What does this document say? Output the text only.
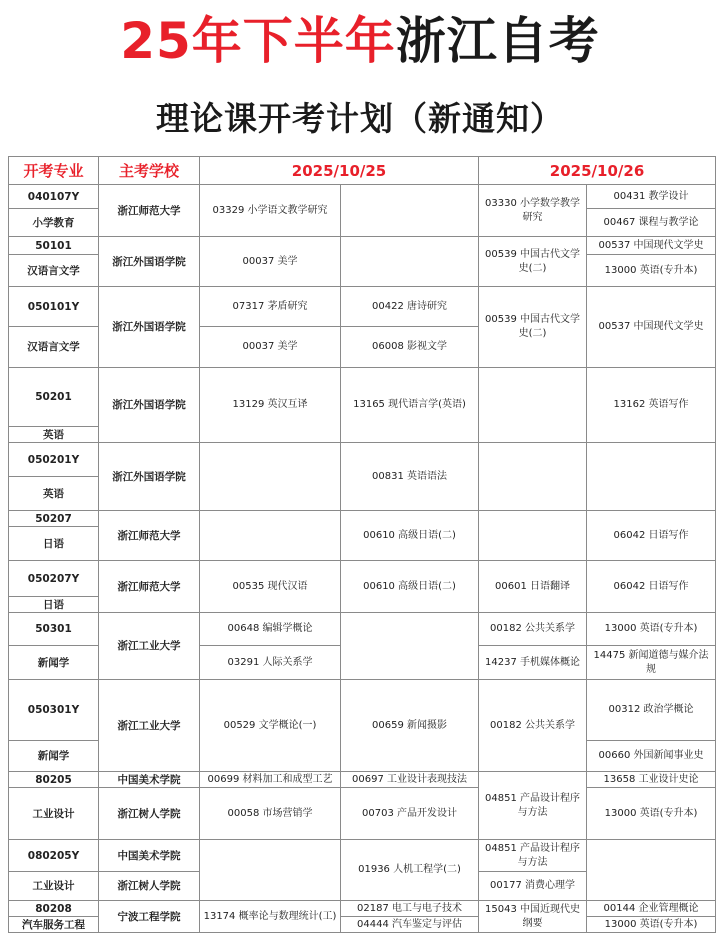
25年下半年浙江自考
理论课开考计划（新通知）
开考专业	主考学校	2025/10/25		2025/10/26	
040107Y	浙江师范大学	03329 小学语文教学研究		03330 小学数学教学研究	00431 教学设计
小学教育					00467 课程与教学论
50101	浙江外国语学院	00037 美学		00539 中国古代文学史(二)	00537 中国现代文学史
汉语言文学					13000 英语(专升本)
050101Y	浙江外国语学院	07317 茅盾研究	00422 唐诗研究	00539 中国古代文学史(二)	00537 中国现代文学史
汉语言文学		00037 美学	06008 影视文学		
50201	浙江外国语学院	13129 英汉互译	13165 现代语言学(英语)		13162 英语写作
英语					
050201Y	浙江外国语学院		00831 英语语法		
英语					
50207	浙江师范大学		00610 高级日语(二)		06042 日语写作
日语					
050207Y	浙江师范大学	00535 现代汉语	00610 高级日语(二)	00601 日语翻译	06042 日语写作
日语					
50301	浙江工业大学	00648 编辑学概论		00182 公共关系学	13000 英语(专升本)
新闻学		03291 人际关系学		14237 手机媒体概论	14475 新闻道德与媒介法规
050301Y	浙江工业大学	00529 文学概论(一)	00659 新闻摄影	00182 公共关系学	00312 政治学概论
新闻学					00660 外国新闻事业史
80205	中国美术学院	00699 材料加工和成型工艺	00697 工业设计表现技法	04851 产品设计程序与方法	13658 工业设计史论
工业设计	浙江树人学院	00058 市场营销学	00703 产品开发设计		13000 英语(专升本)
080205Y	中国美术学院		01936 人机工程学(二)	04851 产品设计程序与方法	
工业设计	浙江树人学院			00177 消费心理学	
80208	宁波工程学院	13174 概率论与数理统计(工)	02187 电工与电子技术	15043 中国近现代史纲要	00144 企业管理概论
汽车服务工程			04444 汽车鉴定与评估		13000 英语(专升本)
